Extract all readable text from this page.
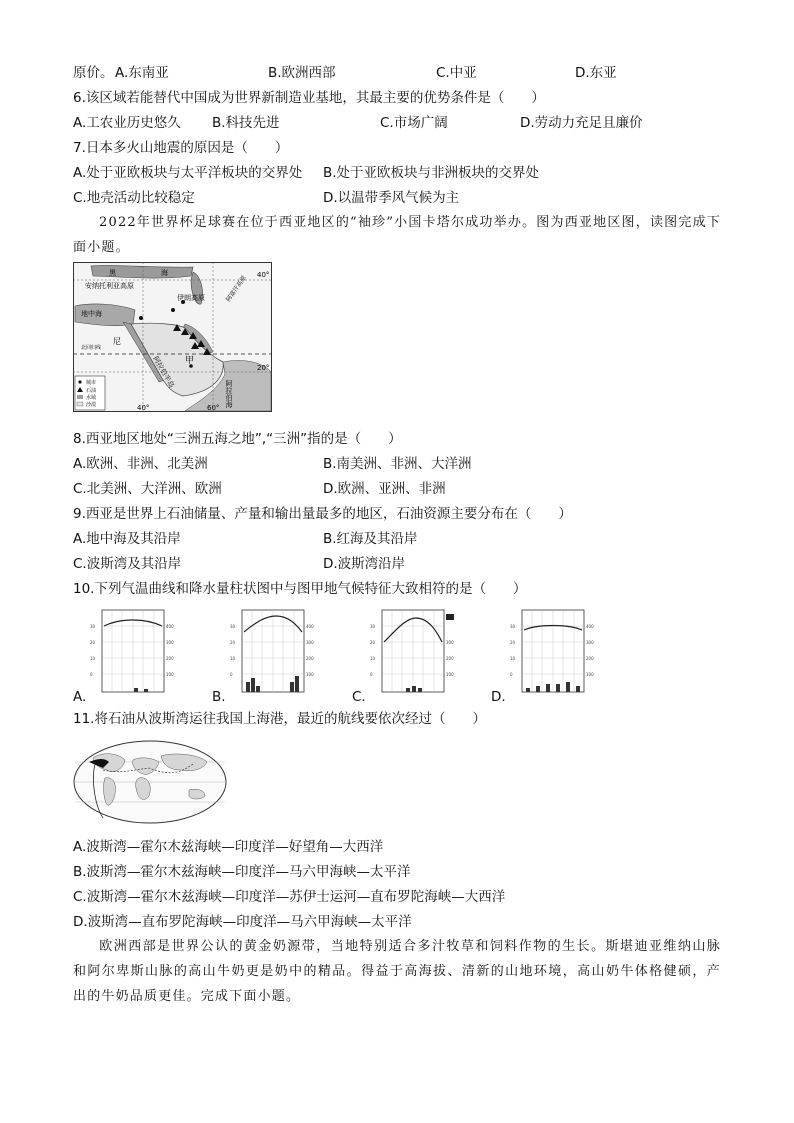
原价。 A.东南亚	B.欧洲西部	C.中亚	D.东亚
6.该区域若能替代中国成为世界新制造业基地，其最主要的优势条件是（　　）
A.工农业历史悠久 B.科技先进	C.市场广阔	D.劳动力充足且廉价
7.日本多火山地震的原因是（　　）
A.处于亚欧板块与太平洋板块的交界处 B.处于亚欧板块与非洲板块的交界处
C.地壳活动比较稳定	D.以温带季风气候为主
2022年世界杯足球赛在位于西亚地区的“袖珍”小国卡塔尔成功举办。图为西亚地区图，读图完成下面小题。
黑	海
安纳托利亚高原
地中海
伊朗高原	阿富汗高原
北回归线
尼
阿拉伯半岛 甲
阿拉伯海
40°
20°
40°	60°
城市
石油
水域
沙漠
8.西亚地区地处“三洲五海之地”,“三洲”指的是（　　）
A.欧洲、非洲、北美洲	B.南美洲、非洲、大洋洲
C.北美洲、大洋洲、欧洲	D.欧洲、亚洲、非洲
9.西亚是世界上石油储量、产量和输出量最多的地区，石油资源主要分布在（　　）
A.地中海及其沿岸	B.红海及其沿岸
C.波斯湾及其沿岸	D.波斯湾沿岸
10.下列气温曲线和降水量柱状图中与图甲地气候特征大致相符的是（　　）
A.	B.	C.	D.
30
20
10
0
400
300
200
100
30
20
10
0
400
300
200
100
30
20
10
0
300
200
100
30
20
10
0
400
300
200
100
11.将石油从波斯湾运往我国上海港，最近的航线要依次经过（　　）
A.波斯湾—霍尔木兹海峡—印度洋—好望角—大西洋
B.波斯湾—霍尔木兹海峡—印度洋—马六甲海峡—太平洋
C.波斯湾—霍尔木兹海峡—印度洋—苏伊士运河—直布罗陀海峡—大西洋
D.波斯湾—直布罗陀海峡—印度洋—马六甲海峡—太平洋
欧洲西部是世界公认的黄金奶源带，当地特别适合多汁牧草和饲料作物的生长。斯堪迪亚维纳山脉和阿尔卑斯山脉的高山牛奶更是奶中的精品。得益于高海拔、清新的山地环境，高山奶牛体格健硕，产出的牛奶品质更佳。完成下面小题。
